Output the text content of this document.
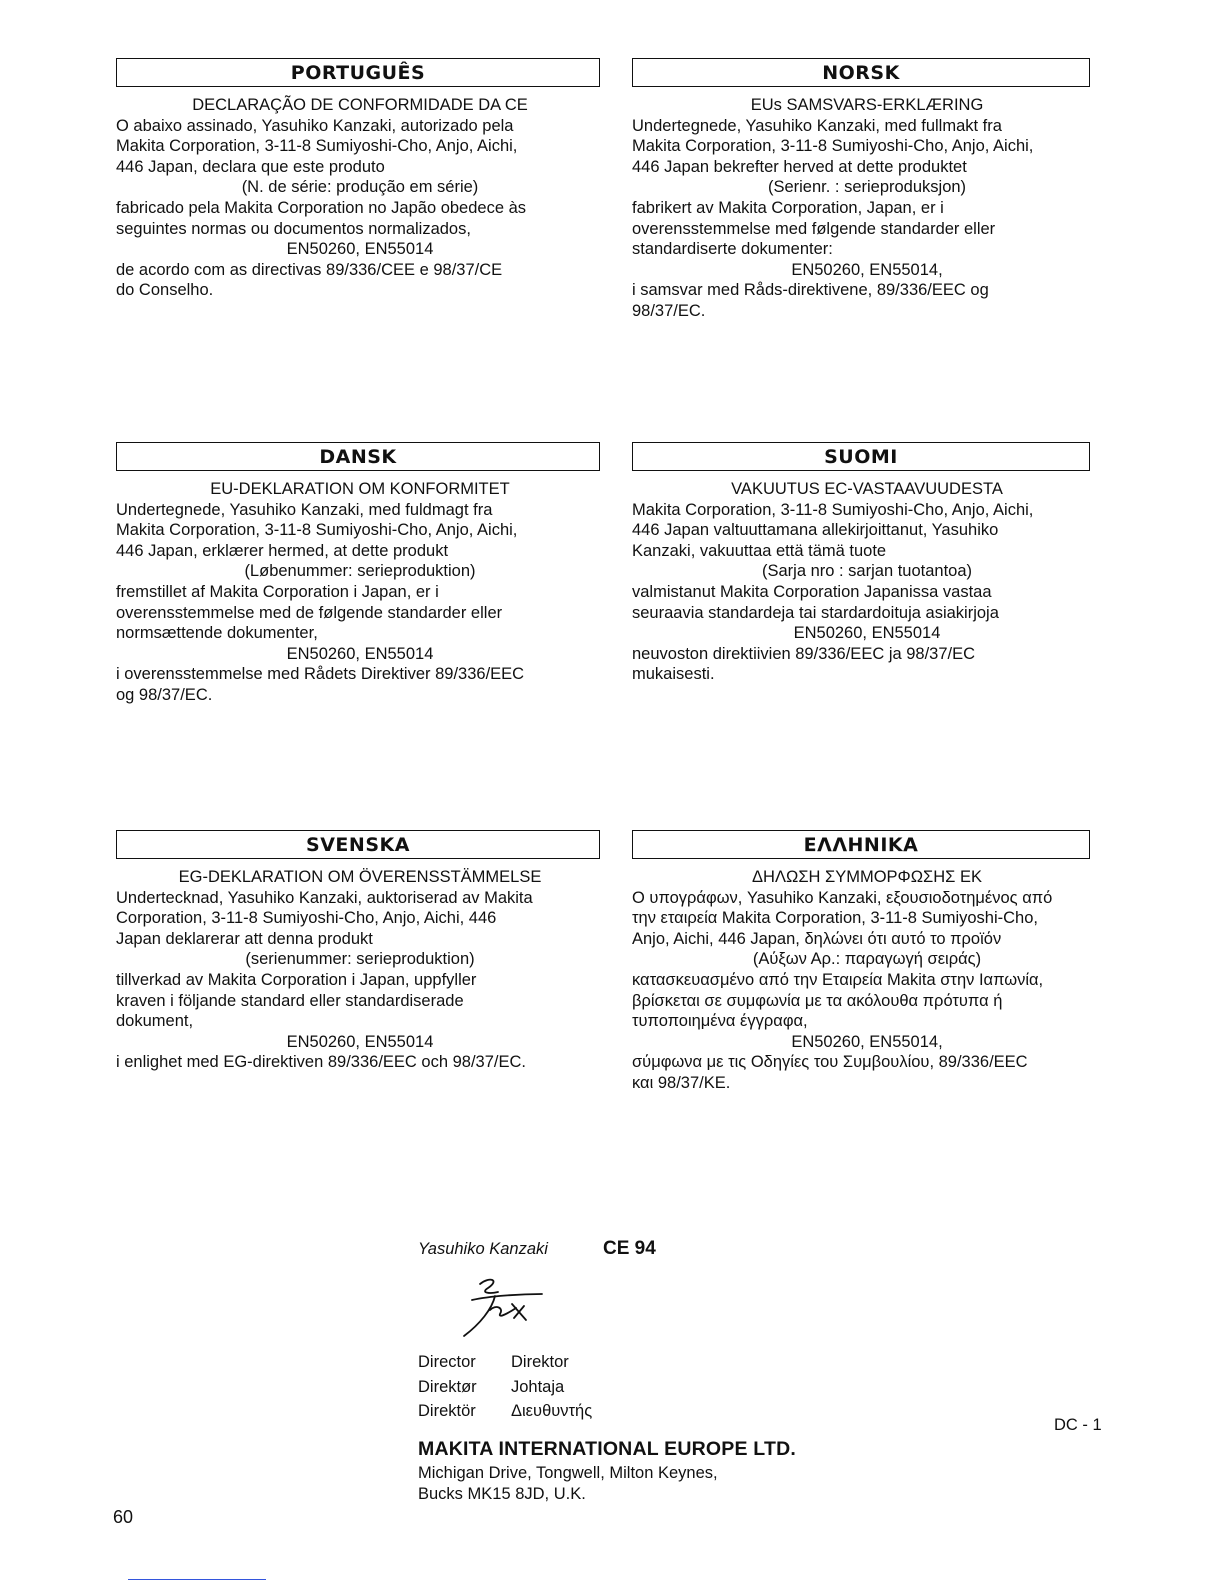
PORTUGUÊS
DECLARAÇÃO DE CONFORMIDADE DA CE

O abaixo assinado, Yasuhiko Kanzaki, autorizado pela

Makita Corporation, 3-11-8 Sumiyoshi-Cho, Anjo, Aichi,

446 Japan, declara que este produto

(N. de série: produção em série)

fabricado pela Makita Corporation no Japão obedece às

seguintes normas ou documentos normalizados,

EN50260, EN55014

de acordo com as directivas 89/336/CEE e 98/37/CE

do Conselho.

NORSK
EUs SAMSVARS-ERKLÆRING

Undertegnede, Yasuhiko Kanzaki, med fullmakt fra

Makita Corporation, 3-11-8 Sumiyoshi-Cho, Anjo, Aichi,

446 Japan bekrefter herved at dette produktet

(Serienr. : serieproduksjon)

fabrikert av Makita Corporation, Japan, er i

overensstemmelse med følgende standarder eller

standardiserte dokumenter:

EN50260, EN55014,

i samsvar med Råds-direktivene, 89/336/EEC og

98/37/EC.

DANSK
EU-DEKLARATION OM KONFORMITET

Undertegnede, Yasuhiko Kanzaki, med fuldmagt fra

Makita Corporation, 3-11-8 Sumiyoshi-Cho, Anjo, Aichi,

446 Japan, erklærer hermed, at dette produkt

(Løbenummer: serieproduktion)

fremstillet af Makita Corporation i Japan, er i

overensstemmelse med de følgende standarder eller

normsættende dokumenter,

EN50260, EN55014

i overensstemmelse med Rådets Direktiver 89/336/EEC

og 98/37/EC.

SUOMI
VAKUUTUS EC-VASTAAVUUDESTA

Makita Corporation, 3-11-8 Sumiyoshi-Cho, Anjo, Aichi,

446 Japan valtuuttamana allekirjoittanut, Yasuhiko

Kanzaki, vakuuttaa että tämä tuote

(Sarja nro : sarjan tuotantoa)

valmistanut Makita Corporation Japanissa vastaa

seuraavia standardeja tai stardardoituja asiakirjoja

EN50260, EN55014

neuvoston direktiivien 89/336/EEC ja 98/37/EC

mukaisesti.

SVENSKA
EG-DEKLARATION OM ÖVERENSSTÄMMELSE

Undertecknad, Yasuhiko Kanzaki, auktoriserad av Makita

Corporation, 3-11-8 Sumiyoshi-Cho, Anjo, Aichi, 446

Japan deklarerar att denna produkt

(serienummer: serieproduktion)

tillverkad av Makita Corporation i Japan, uppfyller

kraven i följande standard eller standardiserade

dokument,

EN50260, EN55014

i enlighet med EG-direktiven 89/336/EEC och 98/37/EC.

ΕΛΛΗΝΙΚΑ
ΔΗΛΩΣΗ ΣΥΜΜΟΡΦΩΣΗΣ ΕΚ

Ο υπογράφων, Yasuhiko Kanzaki, εξουσιοδοτημένος από

την εταιρεία Makita Corporation, 3-11-8 Sumiyoshi-Cho,

Anjo, Aichi, 446 Japan, δηλώνει ότι αυτό το προϊόν

(Αύξων Αρ.: παραγωγή σειράς)

κατασκευασμένο από την Εταιρεία Makita στην Ιαπωνία,

βρίσκεται σε συμφωνία με τα ακόλουθα πρότυπα ή

τυποποιημένα έγγραφα,

EN50260, EN55014,

σύμφωνα με τις Οδηγίες του Συμβουλίου, 89/336/EEC

και 98/37/ΚΕ.

Yasuhiko Kanzaki	CE 94
Director	Direktor
Direktør	Johtaja
Direktör	Διευθυντής
DC - 1
MAKITA INTERNATIONAL EUROPE LTD.
Michigan Drive, Tongwell, Milton Keynes,
Bucks MK15 8JD, U.K.
60
